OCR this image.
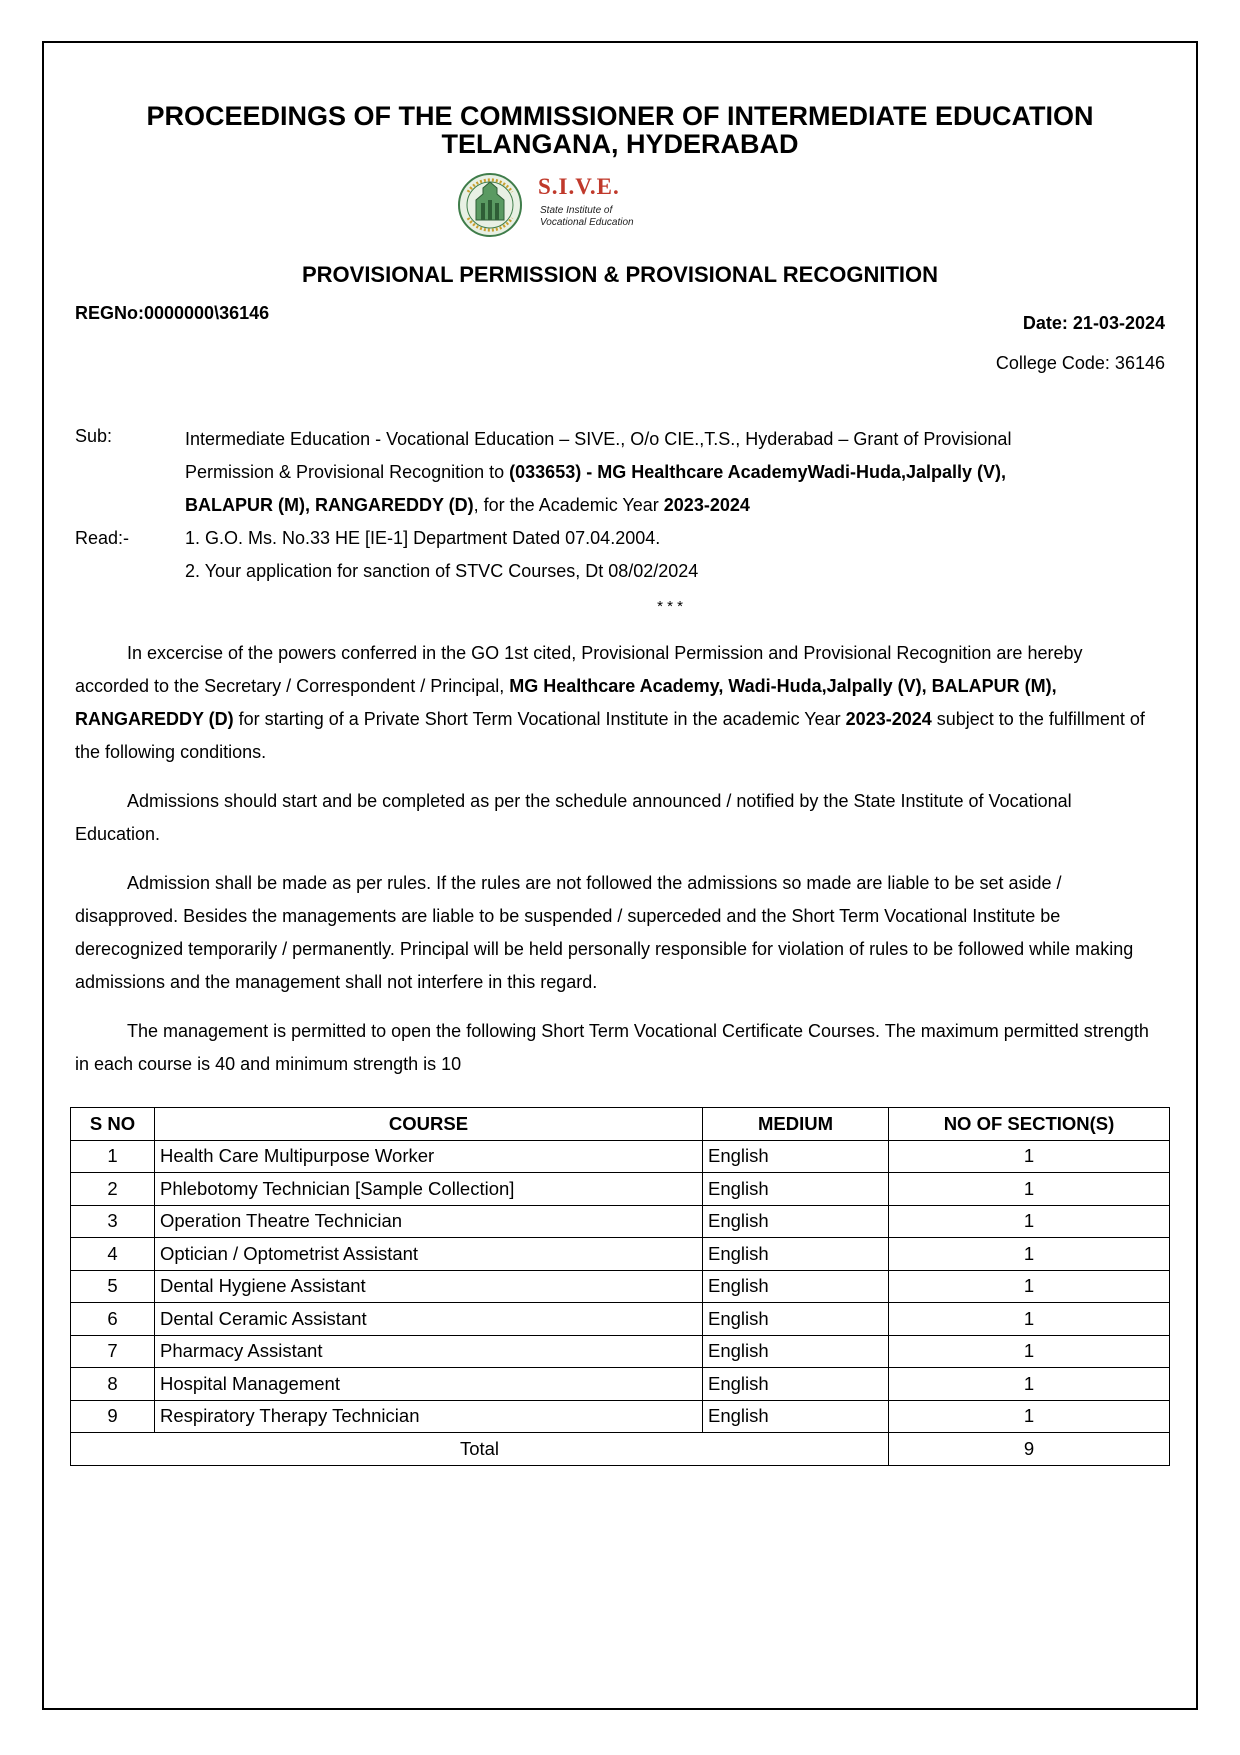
PROCEEDINGS OF THE COMMISSIONER OF INTERMEDIATE EDUCATION
TELANGANA, HYDERABAD
S.I.V.E.
State Institute of
Vocational Education
PROVISIONAL PERMISSION & PROVISIONAL RECOGNITION
REGNo:0000000\36146	Date: 21-03-2024
College Code: 36146
Sub:	Intermediate Education - Vocational Education – SIVE., O/o CIE.,T.S., Hyderabad – Grant of Provisional
Permission & Provisional Recognition to (033653) - MG Healthcare AcademyWadi-Huda,Jalpally (V),
BALAPUR (M), RANGAREDDY (D), for the Academic Year 2023-2024
Read:-	1. G.O. Ms. No.33 HE [IE-1] Department Dated 07.04.2004.
2. Your application for sanction of STVC Courses, Dt 08/02/2024
* * *
In excercise of the powers conferred in the GO 1st cited, Provisional Permission and Provisional Recognition are hereby accorded to the Secretary / Correspondent / Principal, MG Healthcare Academy, Wadi-Huda,Jalpally (V), BALAPUR (M), RANGAREDDY (D) for starting of a Private Short Term Vocational Institute in the academic Year 2023-2024 subject to the fulfillment of the following conditions.
Admissions should start and be completed as per the schedule announced / notified by the State Institute of Vocational Education.
Admission shall be made as per rules. If the rules are not followed the admissions so made are liable to be set aside / disapproved. Besides the managements are liable to be suspended / superceded and the Short Term Vocational Institute be derecognized temporarily / permanently. Principal will be held personally responsible for violation of rules to be followed while making admissions and the management shall not interfere in this regard.
The management is permitted to open the following Short Term Vocational Certificate Courses. The maximum permitted strength in each course is 40 and minimum strength is 10
S NO	COURSE	MEDIUM	NO OF SECTION(S)
1	Health Care Multipurpose Worker	English	1
2	Phlebotomy Technician [Sample Collection]	English	1
3	Operation Theatre Technician	English	1
4	Optician / Optometrist Assistant	English	1
5	Dental Hygiene Assistant	English	1
6	Dental Ceramic Assistant	English	1
7	Pharmacy Assistant	English	1
8	Hospital Management	English	1
9	Respiratory Therapy Technician	English	1
Total			9
